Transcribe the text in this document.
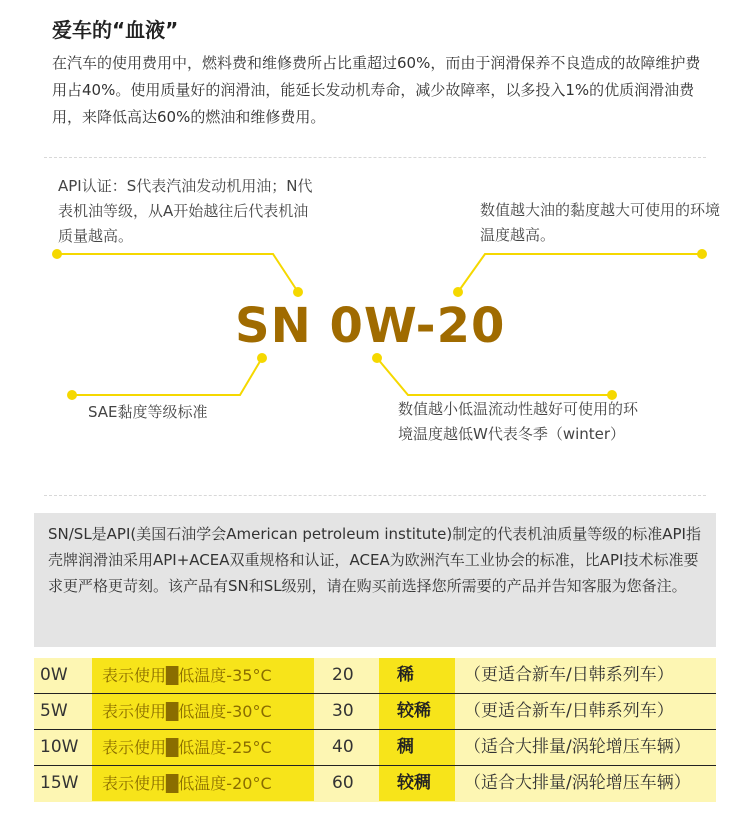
爱车的“血液”
在汽车的使用费用中，燃料费和维修费所占比重超过60%，而由于润滑保养不良造成的故障维护费用占40%。使用质量好的润滑油，能延长发动机寿命，减少故障率，以多投入1%的优质润滑油费用，来降低高达60%的燃油和维修费用。
API认证：S代表汽油发动机用油；N代表机油等级，从A开始越往后代表机油质量越高。
数值越大油的黏度越大可使用的环境温度越高。
SN 0W-20
SAE黏度等级标准	数值越小低温流动性越好可使用的环境温度越低W代表冬季（winter）
SN/SL是API(美国石油学会American petroleum institute)制定的代表机油质量等级的标准API指壳牌润滑油采用API+ACEA双重规格和认证，ACEA为欧洲汽车工业协会的标准，比API技术标准要求更严格更苛刻。该产品有SN和SL级别，请在购买前选择您所需要的产品并告知客服为您备注。
0W	表示使用█低温度-35°C	20	稀	（更适合新车/日韩系列车）
5W	表示使用█低温度-30°C	30	较稀	（更适合新车/日韩系列车）
10W	表示使用█低温度-25°C	40	稠	（适合大排量/涡轮增压车辆）
15W	表示使用█低温度-20°C	60	较稠	（适合大排量/涡轮增压车辆）
